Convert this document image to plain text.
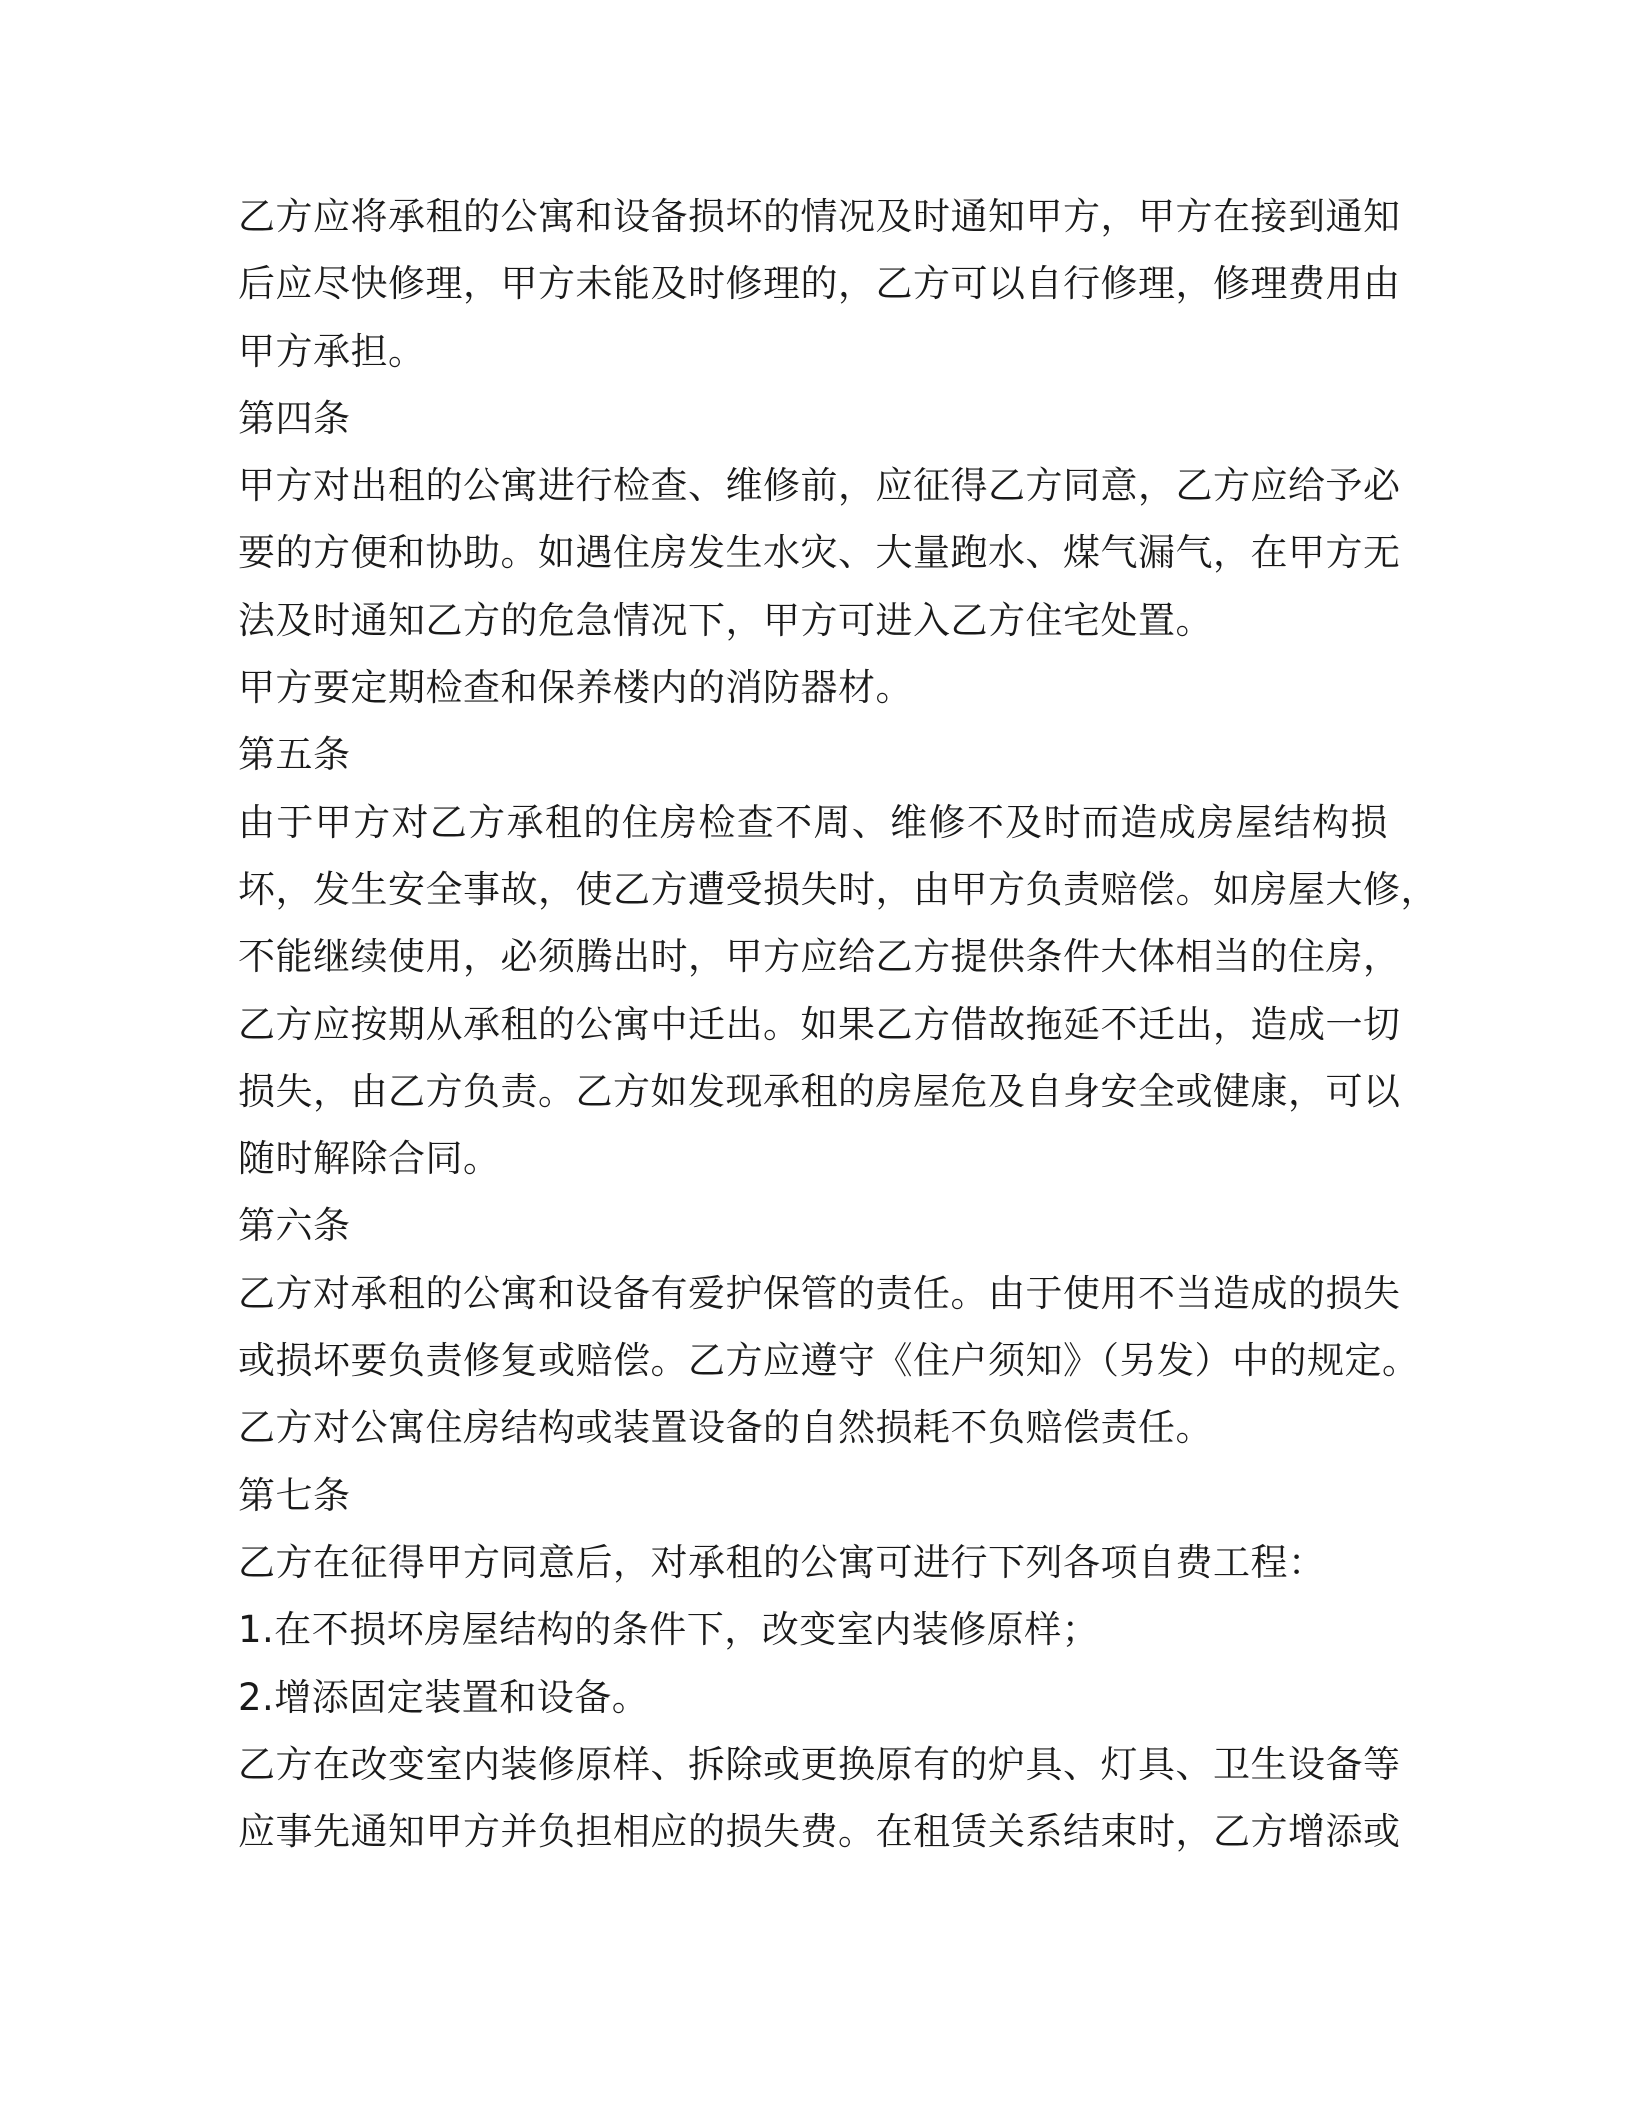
乙方应将承租的公寓和设备损坏的情况及时通知甲方，甲方在接到通知
后应尽快修理，甲方未能及时修理的，乙方可以自行修理，修理费用由
甲方承担。
第四条
甲方对出租的公寓进行检查、维修前，应征得乙方同意，乙方应给予必
要的方便和协助。如遇住房发生水灾、大量跑水、煤气漏气，在甲方无
法及时通知乙方的危急情况下，甲方可进入乙方住宅处置。
甲方要定期检查和保养楼内的消防器材。
第五条
由于甲方对乙方承租的住房检查不周、维修不及时而造成房屋结构损
坏，发生安全事故，使乙方遭受损失时，由甲方负责赔偿。如房屋大修，
不能继续使用，必须腾出时，甲方应给乙方提供条件大体相当的住房，
乙方应按期从承租的公寓中迁出。如果乙方借故拖延不迁出，造成一切
损失，由乙方负责。乙方如发现承租的房屋危及自身安全或健康，可以
随时解除合同。
第六条
乙方对承租的公寓和设备有爱护保管的责任。由于使用不当造成的损失
或损坏要负责修复或赔偿。乙方应遵守《住户须知》（另发）中的规定。
乙方对公寓住房结构或装置设备的自然损耗不负赔偿责任。
第七条
乙方在征得甲方同意后，对承租的公寓可进行下列各项自费工程：
1.在不损坏房屋结构的条件下，改变室内装修原样；
2.增添固定装置和设备。
乙方在改变室内装修原样、拆除或更换原有的炉具、灯具、卫生设备等
应事先通知甲方并负担相应的损失费。在租赁关系结束时，乙方增添或
